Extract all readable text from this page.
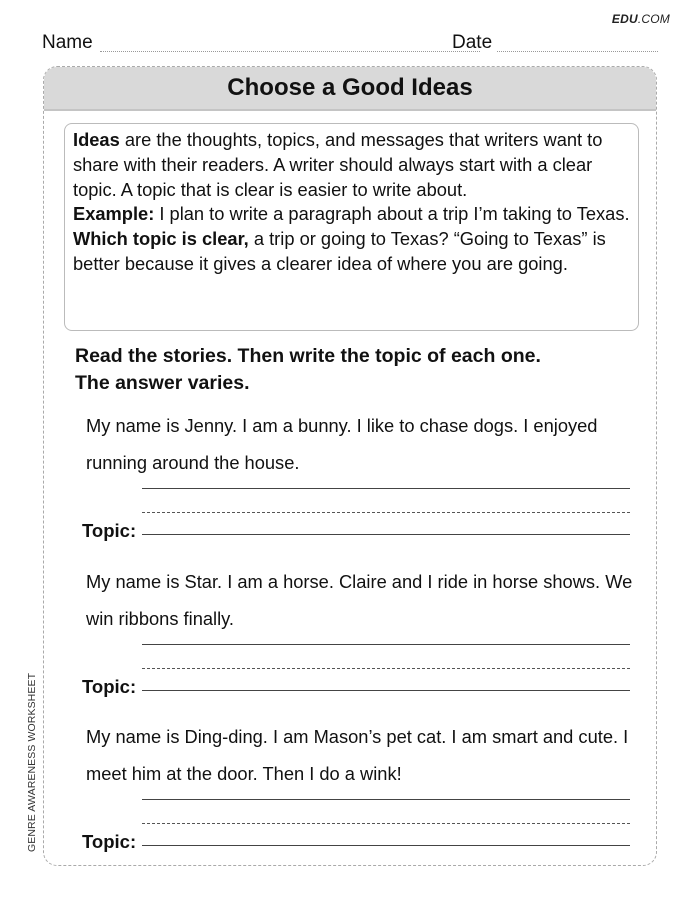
EDU.COM
Name	Date
Choose a Good Ideas
Ideas are the thoughts, topics, and messages that writers want to share with their readers. A writer should always start with a clear topic. A topic that is clear is easier to write about.
Example: I plan to write a paragraph about a trip I’m taking to Texas. Which topic is clear, a trip or going to Texas? “Going to Texas” is better because it gives a clearer idea of where you are going.
Read the stories. Then write the topic of each one.
The answer varies.
My name is Jenny. I am a bunny. I like to chase dogs. I enjoyed running around the house.
Topic:
My name is Star. I am a horse. Claire and I ride in horse shows. We win ribbons finally.
Topic:
My name is Ding-ding. I am Mason’s pet cat. I am smart and cute. I meet him at the door. Then I do a wink!
Topic:
GENRE AWARENESS WORKSHEET
